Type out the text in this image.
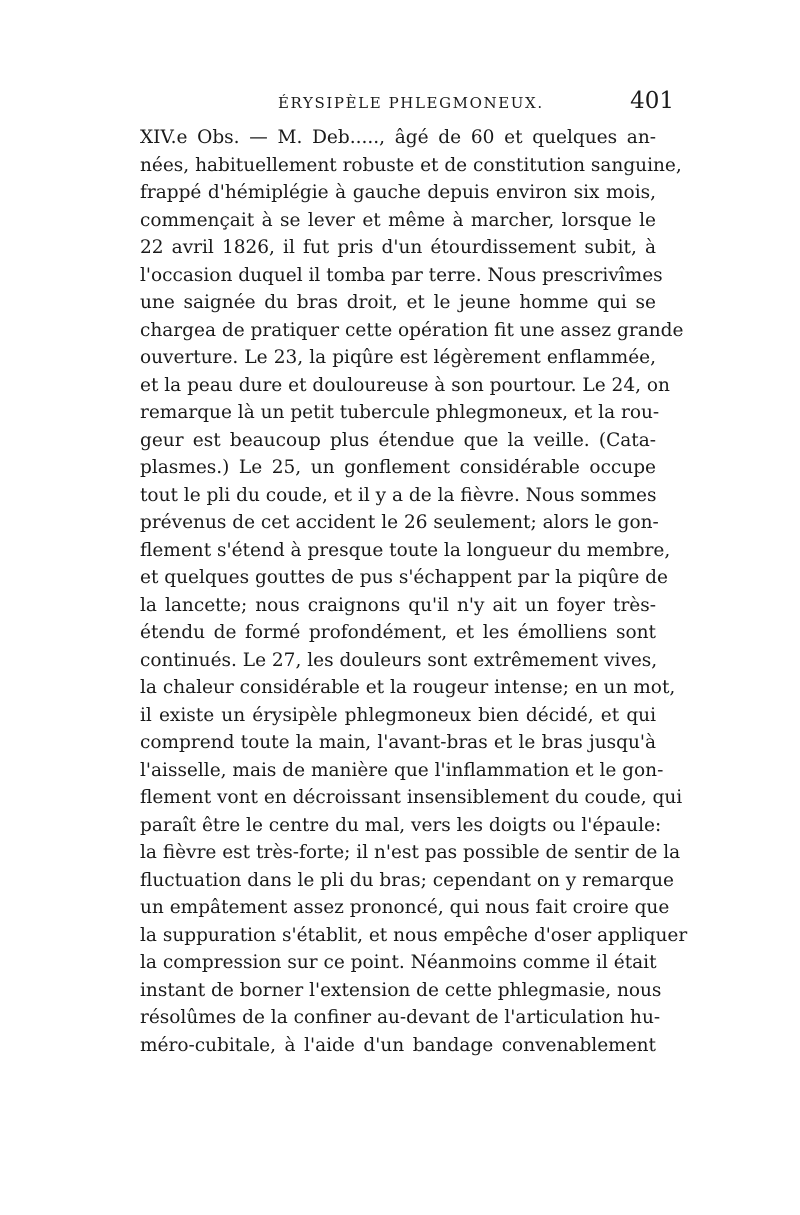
ÉRYSIPÈLE PHLEGMONEUX.	401
XIV.e Obs. — M. Deb....., âgé de 60 et quelques an-
nées, habituellement robuste et de constitution sanguine,
frappé d'hémiplégie à gauche depuis environ six mois,
commençait à se lever et même à marcher, lorsque le
22 avril 1826, il fut pris d'un étourdissement subit, à
l'occasion duquel il tomba par terre. Nous prescrivîmes
une saignée du bras droit, et le jeune homme qui se
chargea de pratiquer cette opération fit une assez grande
ouverture. Le 23, la piqûre est légèrement enflammée,
et la peau dure et douloureuse à son pourtour. Le 24, on
remarque là un petit tubercule phlegmoneux, et la rou-
geur est beaucoup plus étendue que la veille. (Cata-
plasmes.) Le 25, un gonflement considérable occupe
tout le pli du coude, et il y a de la fièvre. Nous sommes
prévenus de cet accident le 26 seulement; alors le gon-
flement s'étend à presque toute la longueur du membre,
et quelques gouttes de pus s'échappent par la piqûre de
la lancette; nous craignons qu'il n'y ait un foyer très-
étendu de formé profondément, et les émolliens sont
continués. Le 27, les douleurs sont extrêmement vives,
la chaleur considérable et la rougeur intense; en un mot,
il existe un érysipèle phlegmoneux bien décidé, et qui
comprend toute la main, l'avant-bras et le bras jusqu'à
l'aisselle, mais de manière que l'inflammation et le gon-
flement vont en décroissant insensiblement du coude, qui
paraît être le centre du mal, vers les doigts ou l'épaule:
la fièvre est très-forte; il n'est pas possible de sentir de la
fluctuation dans le pli du bras; cependant on y remarque
un empâtement assez prononcé, qui nous fait croire que
la suppuration s'établit, et nous empêche d'oser appliquer
la compression sur ce point. Néanmoins comme il était
instant de borner l'extension de cette phlegmasie, nous
résolûmes de la confiner au-devant de l'articulation hu-
méro-cubitale, à l'aide d'un bandage convenablement
